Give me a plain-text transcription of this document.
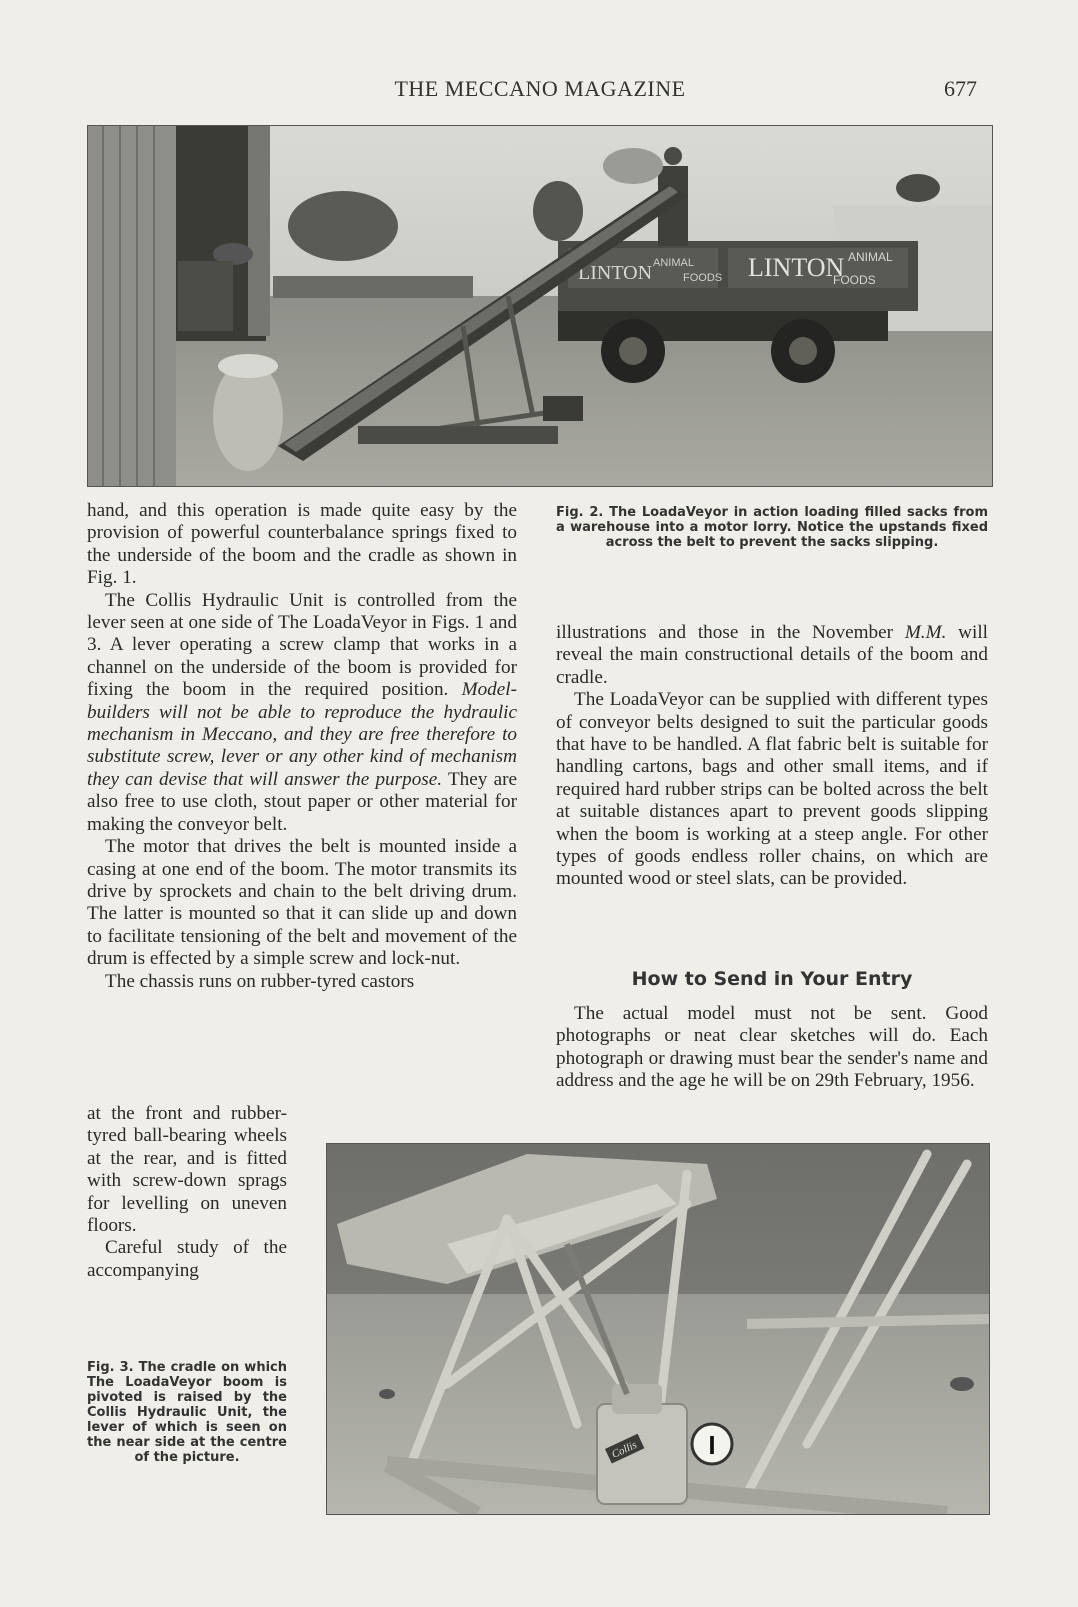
THE MECCANO MAGAZINE	677
LINTON ANIMAL
FOODS LINTON ANIMAL
FOODS
Fig. 2. The LoadaVeyor in action loading filled sacks from a warehouse into a motor lorry. Notice the upstands fixed across the belt to prevent the sacks slipping.

hand, and this operation is made quite easy by the provision of powerful counterbalance springs fixed to the underside of the boom and the cradle as shown in Fig. 1.

The Collis Hydraulic Unit is controlled from the lever seen at one side of The LoadaVeyor in Figs. 1 and 3. A lever operating a screw clamp that works in a channel on the underside of the boom is provided for fixing the boom in the required position. Model-builders will not be able to reproduce the hydraulic mechanism in Meccano, and they are free therefore to substitute screw, lever or any other kind of mechanism they can devise that will answer the purpose. They are also free to use cloth, stout paper or other material for making the conveyor belt.

The motor that drives the belt is mounted inside a casing at one end of the boom. The motor transmits its drive by sprockets and chain to the belt driving drum. The latter is mounted so that it can slide up and down to facilitate tensioning of the belt and movement of the drum is effected by a simple screw and lock-nut.

The chassis runs on rubber-tyred castors

at the front and rubber-tyred ball-bearing wheels at the rear, and is fitted with screw-down sprags for levelling on uneven floors.

Careful study of the accompanying

Fig. 3. The cradle on which The LoadaVeyor boom is pivoted is raised by the Collis Hydraulic Unit, the lever of which is seen on the near side at the centre of the picture.

illustrations and those in the November M.M. will reveal the main constructional details of the boom and cradle.

The LoadaVeyor can be supplied with different types of conveyor belts designed to suit the particular goods that have to be handled. A flat fabric belt is suitable for handling cartons, bags and other small items, and if required hard rubber strips can be bolted across the belt at suitable distances apart to prevent goods slipping when the boom is working at a steep angle. For other types of goods endless roller chains, on which are mounted wood or steel slats, can be provided.

How to Send in Your Entry

The actual model must not be sent. Good photographs or neat clear sketches will do. Each photograph or drawing must bear the sender's name and address and the age he will be on 29th February, 1956.

Collis	I
